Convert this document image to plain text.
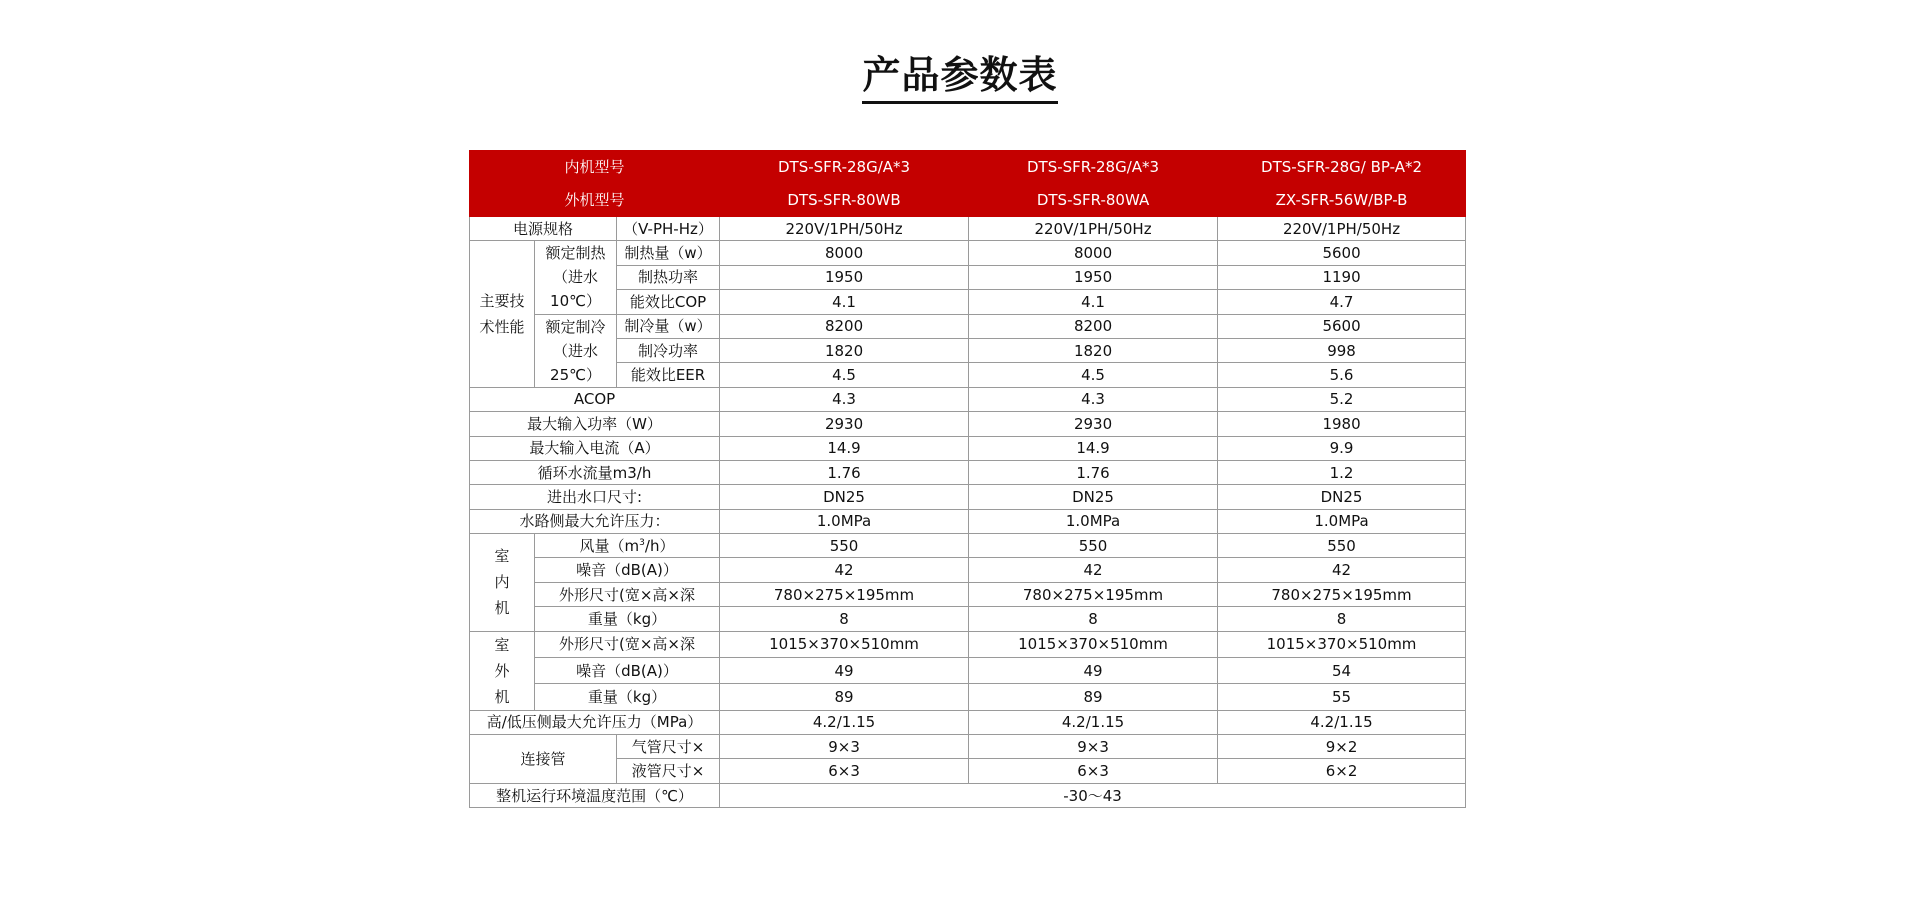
产品参数表
内机型号			DTS-SFR-28G/A*3	DTS-SFR-28G/A*3	DTS-SFR-28G/ BP-A*2
外机型号			DTS-SFR-80WB	DTS-SFR-80WA	ZX-SFR-56W/BP-B
电源规格		（V-PH-Hz）	220V/1PH/50Hz	220V/1PH/50Hz	220V/1PH/50Hz
主要技术性能	额定制热（进水10℃）	制热量（w）	8000	8000	5600
		制热功率	1950	1950	1190
		能效比COP	4.1	4.1	4.7
	额定制冷（进水25℃）	制冷量（w）	8200	8200	5600
		制冷功率	1820	1820	998
		能效比EER	4.5	4.5	5.6
ACOP			4.3	4.3	5.2
最大输入功率（W）			2930	2930	1980
最大输入电流（A）			14.9	14.9	9.9
循环水流量m3/h			1.76	1.76	1.2
进出水口尺寸:			DN25	DN25	DN25
水路侧最大允许压力：			1.0MPa	1.0MPa	1.0MPa
室内机	风量$(m^3/h)$		550	550	550
	噪音（dB(A)）		42	42	42
	外形尺寸(宽×高×深		780×275×195mm	780×275×195mm	780×275×195mm
	重量（kg）		8	8	8
室外机	外形尺寸(宽×高×深		1015×370×510mm	1015×370×510mm	1015×370×510mm
	噪音（dB(A)）		49	49	54
	重量（kg）		89	89	55
高/低压侧最大允许压力（MPa）			4.2/1.15	4.2/1.15	4.2/1.15
连接管		气管尺寸×	9×3	9×3	9×2
		液管尺寸×	6×3	6×3	6×2
整机运行环境温度范围（℃）			-30～43		
